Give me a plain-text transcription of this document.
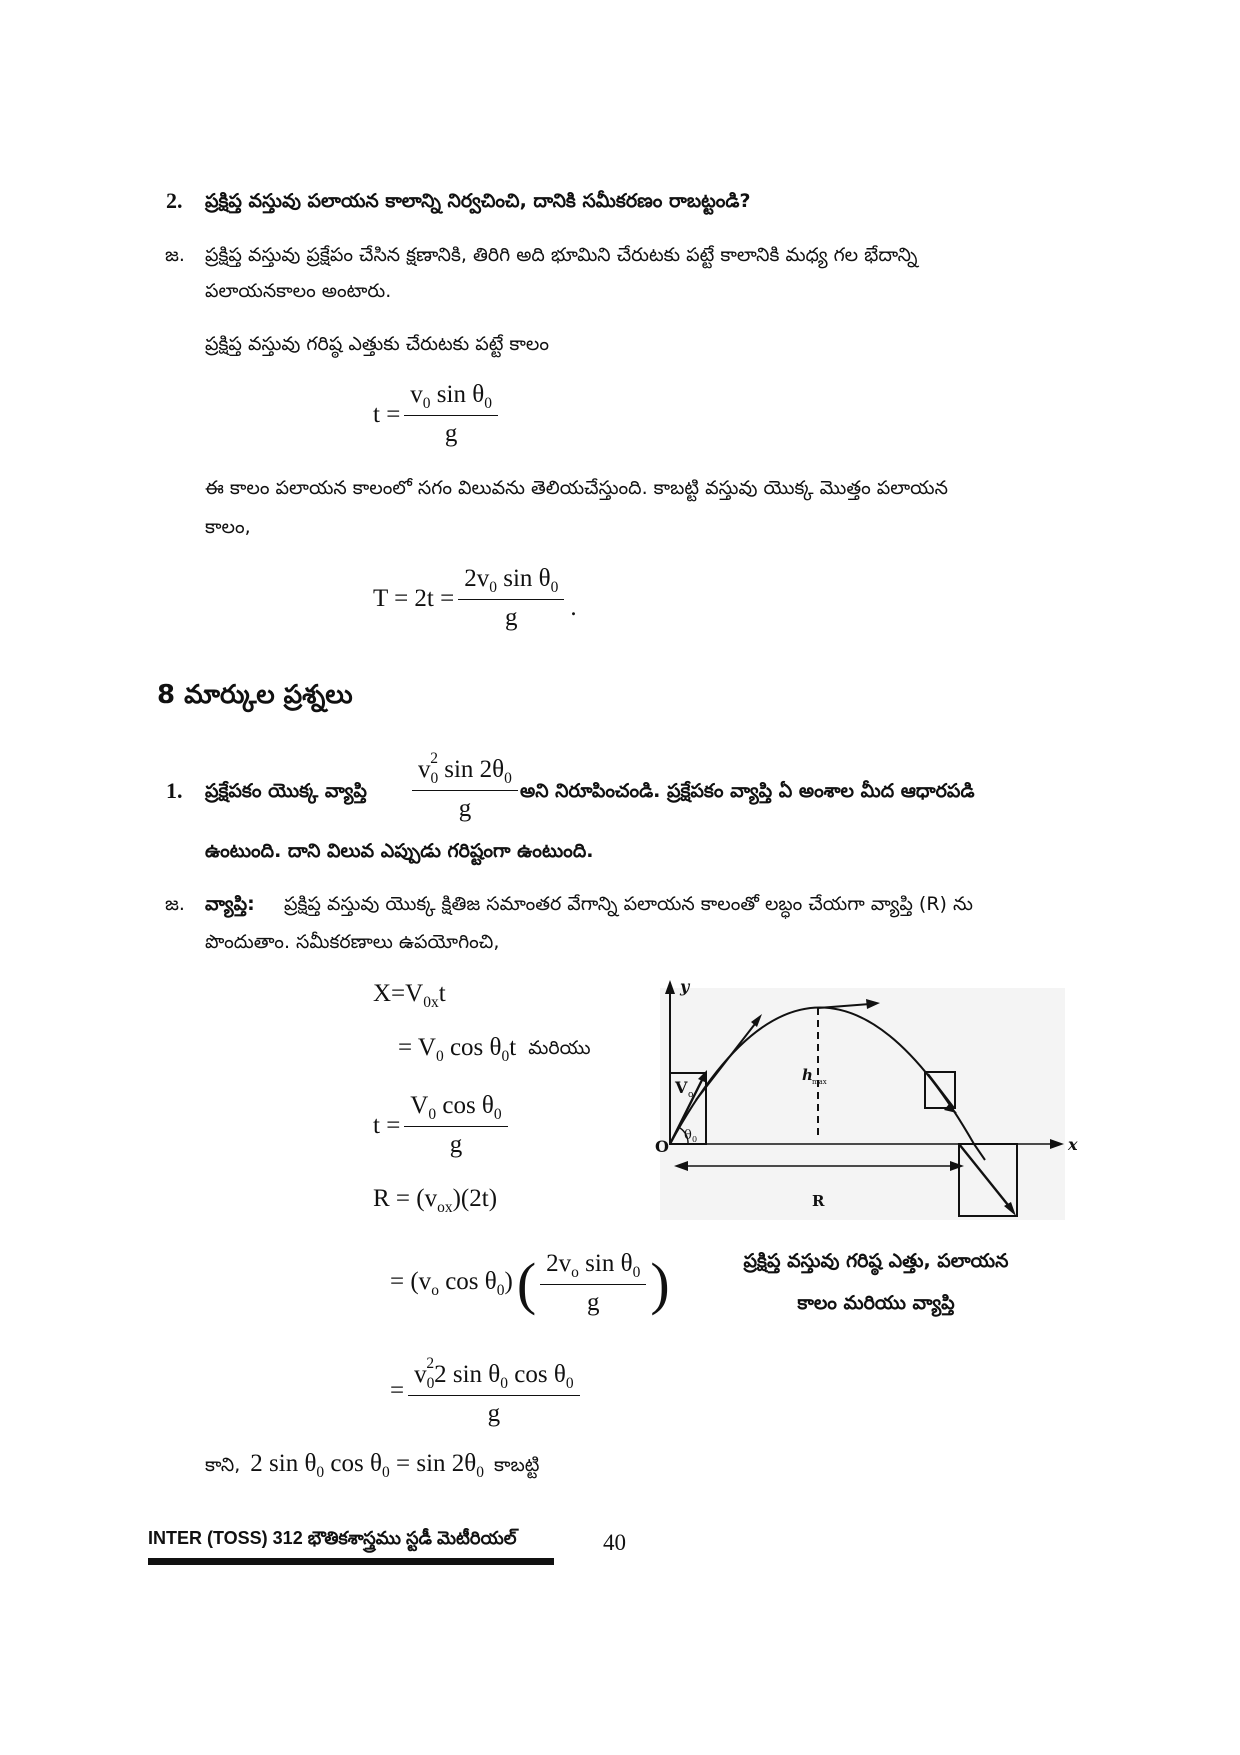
2. ప్రక్షిప్త వస్తువు పలాయన కాలాన్ని నిర్వచించి, దానికి సమీకరణం రాబట్టండి?
జ. ప్రక్షిప్త వస్తువు ప్రక్షేపం చేసిన క్షణానికి, తిరిగి అది భూమిని చేరుటకు పట్టే కాలానికి మధ్య గల భేదాన్ని
పలాయనకాలం అంటారు.
ప్రక్షిప్త వస్తువు గరిష్ఠ ఎత్తుకు చేరుటకు పట్టే కాలం
$t = \frac{v_0 \sin \theta_0}{g}$
ఈ కాలం పలాయన కాలంలో సగం విలువను తెలియచేస్తుంది. కాబట్టి వస్తువు యొక్క మొత్తం పలాయన
కాలం,
$T = 2t = \frac{2v_0 \sin \theta_0}{g}$ .
8 మార్కుల ప్రశ్నలు
1. ప్రక్షేపకం యొక్క వ్యాప్తి $\frac{v_0^2 \sin 2\theta_0}{g}$ అని నిరూపించండి. ప్రక్షేపకం వ్యాప్తి ఏ అంశాల మీద ఆధారపడి
ఉంటుంది. దాని విలువ ఎప్పుడు గరిష్టంగా ఉంటుంది.
జ. వ్యాప్తి: ప్రక్షిప్త వస్తువు యొక్క క్షితిజ సమాంతర వేగాన్ని పలాయన కాలంతో లబ్ధం చేయగా వ్యాప్తి (R) ను
పొందుతాం. సమీకరణాలు ఉపయోగించి,
$X=V_{0x}t$
= $V_0$ $\cos \theta_0t$ మరియు
$t = \frac{V_0 \cos \theta_0}{g}$
$R = (v_{ox})(2t)$
= ($v_o$ $\cos \theta_0$) ( $\frac{2v_o \sin \theta_0}{g}$ )
= $\frac{v_0^22 \sin \theta_0 \cos \theta_0}{g}$
కాని, 2 $\sin \theta_0$ $\cos \theta_0 = \sin 2\theta_0$ కాబట్టి
y
x
O
V o
θ 0
h max
R
ప్రక్షిప్త వస్తువు గరిష్ఠ ఎత్తు, పలాయన
కాలం మరియు వ్యాప్తి
INTER (TOSS) 312 భౌతికశాస్త్రము స్టడీ మెటీరియల్	40
